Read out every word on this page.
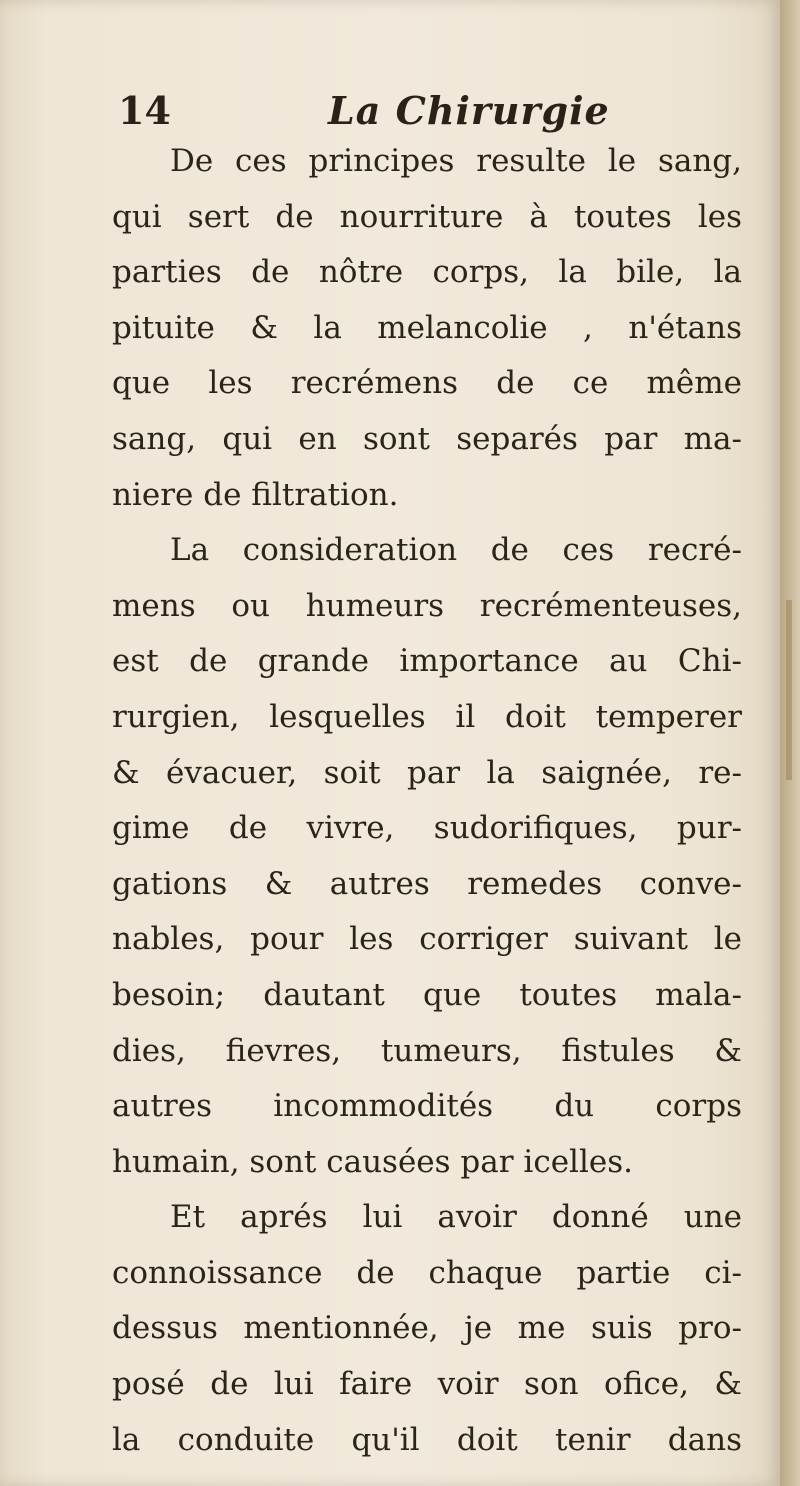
14	La Chirurgie
De ces principes resulte le sang,
qui sert de nourriture à toutes les
parties de nôtre corps, la bile, la
pituite & la melancolie , n'étans
que les recrémens de ce même
sang, qui en sont separés par ma-
niere de filtration.
La consideration de ces recré-
mens ou humeurs recrémenteuses,
est de grande importance au Chi-
rurgien, lesquelles il doit temperer
& évacuer, soit par la saignée, re-
gime de vivre, sudorifiques, pur-
gations & autres remedes conve-
nables, pour les corriger suivant le
besoin; dautant que toutes mala-
dies, fievres, tumeurs, fistules &
autres incommodités du corps
humain, sont causées par icelles.
Et aprés lui avoir donné une
connoissance de chaque partie ci-
dessus mentionnée, je me suis pro-
posé de lui faire voir son ofice, &
la conduite qu'il doit tenir dans
